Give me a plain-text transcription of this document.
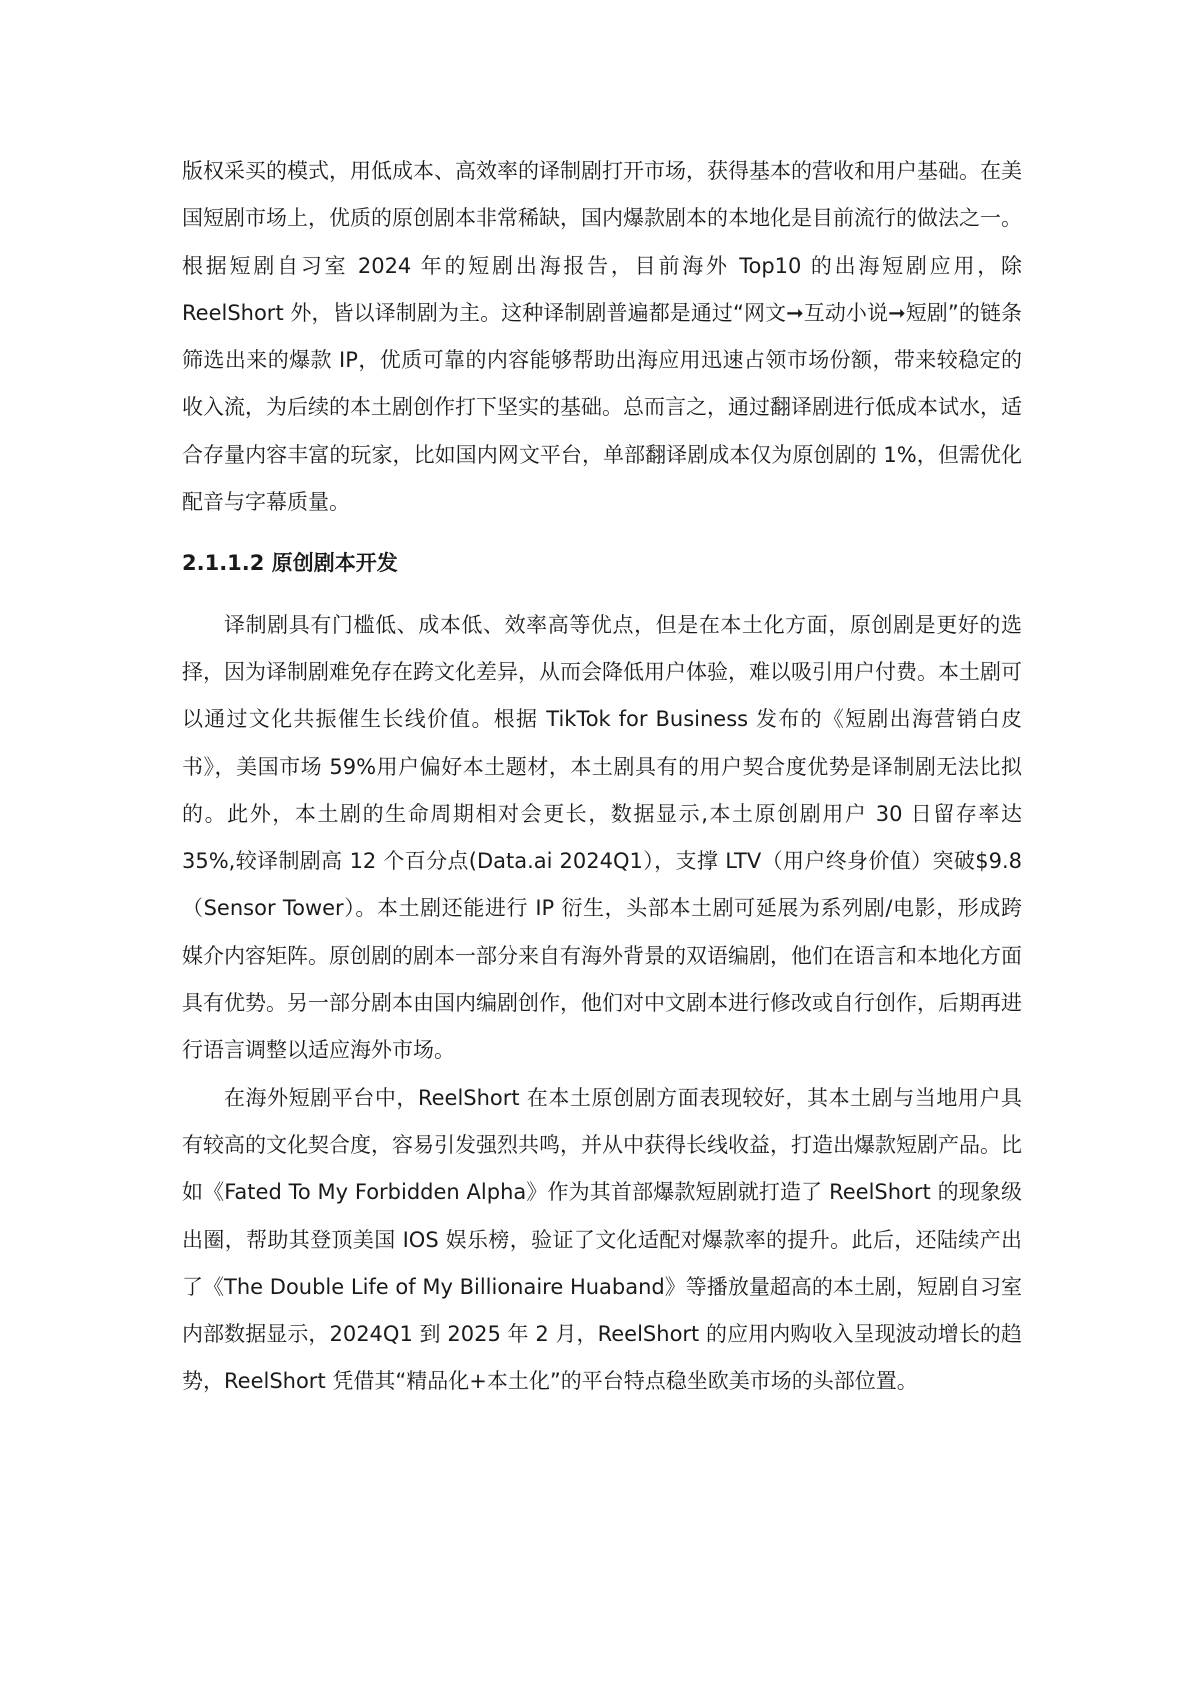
版权采买的模式，用低成本、高效率的译制剧打开市场，获得基本的营收和用户基础。在美国短剧市场上，优质的原创剧本非常稀缺，国内爆款剧本的本地化是目前流行的做法之一。根据短剧自习室 2024 年的短剧出海报告，目前海外 Top10 的出海短剧应用，除 ReelShort 外，皆以译制剧为主。这种译制剧普遍都是通过“网文➞互动小说➞短剧”的链条筛选出来的爆款 IP，优质可靠的内容能够帮助出海应用迅速占领市场份额，带来较稳定的收入流，为后续的本土剧创作打下坚实的基础。总而言之，通过翻译剧进行低成本试水，适合存量内容丰富的玩家，比如国内网文平台，单部翻译剧成本仅为原创剧的 1%，但需优化配音与字幕质量。

2.1.1.2 原创剧本开发

译制剧具有门槛低、成本低、效率高等优点，但是在本土化方面，原创剧是更好的选择，因为译制剧难免存在跨文化差异，从而会降低用户体验，难以吸引用户付费。本土剧可以通过文化共振催生长线价值。根据 TikTok for Business 发布的《短剧出海营销白皮书》，美国市场 59%用户偏好本土题材，本土剧具有的用户契合度优势是译制剧无法比拟的。此外，本土剧的生命周期相对会更长，数据显示,本土原创剧用户 30 日留存率达 35%,较译制剧高 12 个百分点(Data.ai 2024Q1），支撑 LTV（用户终身价值）突破$9.8（Sensor Tower）。本土剧还能进行 IP 衍生，头部本土剧可延展为系列剧/电影，形成跨媒介内容矩阵。原创剧的剧本一部分来自有海外背景的双语编剧，他们在语言和本地化方面具有优势。另一部分剧本由国内编剧创作，他们对中文剧本进行修改或自行创作，后期再进行语言调整以适应海外市场。

在海外短剧平台中，ReelShort 在本土原创剧方面表现较好，其本土剧与当地用户具有较高的文化契合度，容易引发强烈共鸣，并从中获得长线收益，打造出爆款短剧产品。比如《Fated To My Forbidden Alpha》作为其首部爆款短剧就打造了 ReelShort 的现象级出圈，帮助其登顶美国 IOS 娱乐榜，验证了文化适配对爆款率的提升。此后，还陆续产出了《The Double Life of My Billionaire Huaband》等播放量超高的本土剧，短剧自习室内部数据显示，2024Q1 到 2025 年 2 月，ReelShort 的应用内购收入呈现波动增长的趋势，ReelShort 凭借其“精品化+本土化”的平台特点稳坐欧美市场的头部位置。
